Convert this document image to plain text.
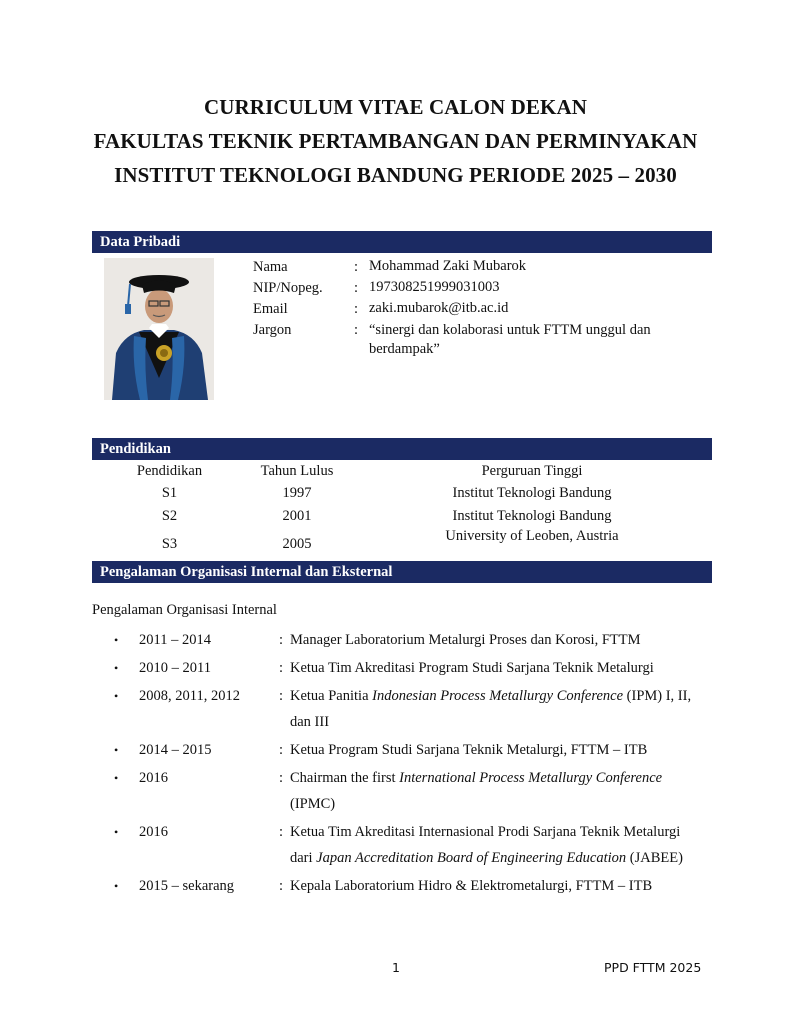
CURRICULUM VITAE CALON DEKAN
FAKULTAS TEKNIK PERTAMBANGAN DAN PERMINYAKAN
INSTITUT TEKNOLOGI BANDUNG PERIODE 2025 – 2030
Data Pribadi
Nama	: Mohammad Zaki Mubarok
NIP/Nopeg.	: 197308251999031003
Email	: zaki.mubarok@itb.ac.id
Jargon	: “sinergi dan kolaborasi untuk FTTM unggul dan berdampak”
Pendidikan
Pendidikan	Tahun Lulus	Perguruan Tinggi
S1	1997	Institut Teknologi Bandung
S2	2001	Institut Teknologi Bandung
S3	2005	University of Leoben, Austria
Pengalaman Organisasi Internal dan Eksternal
Pengalaman Organisasi Internal
• 2011 – 2014	: Manager Laboratorium Metalurgi Proses dan Korosi, FTTM
• 2010 – 2011	: Ketua Tim Akreditasi Program Studi Sarjana Teknik Metalurgi
• 2008, 2011, 2012	: Ketua Panitia Indonesian Process Metallurgy Conference (IPM) I, II, dan III
• 2014 – 2015	: Ketua Program Studi Sarjana Teknik Metalurgi, FTTM – ITB
• 2016	: Chairman the first International Process Metallurgy Conference (IPMC)
• 2016	: Ketua Tim Akreditasi Internasional Prodi Sarjana Teknik Metalurgi dari Japan Accreditation Board of Engineering Education (JABEE)
• 2015 – sekarang	: Kepala Laboratorium Hidro & Elektrometalurgi, FTTM – ITB
1	PPD FTTM 2025
